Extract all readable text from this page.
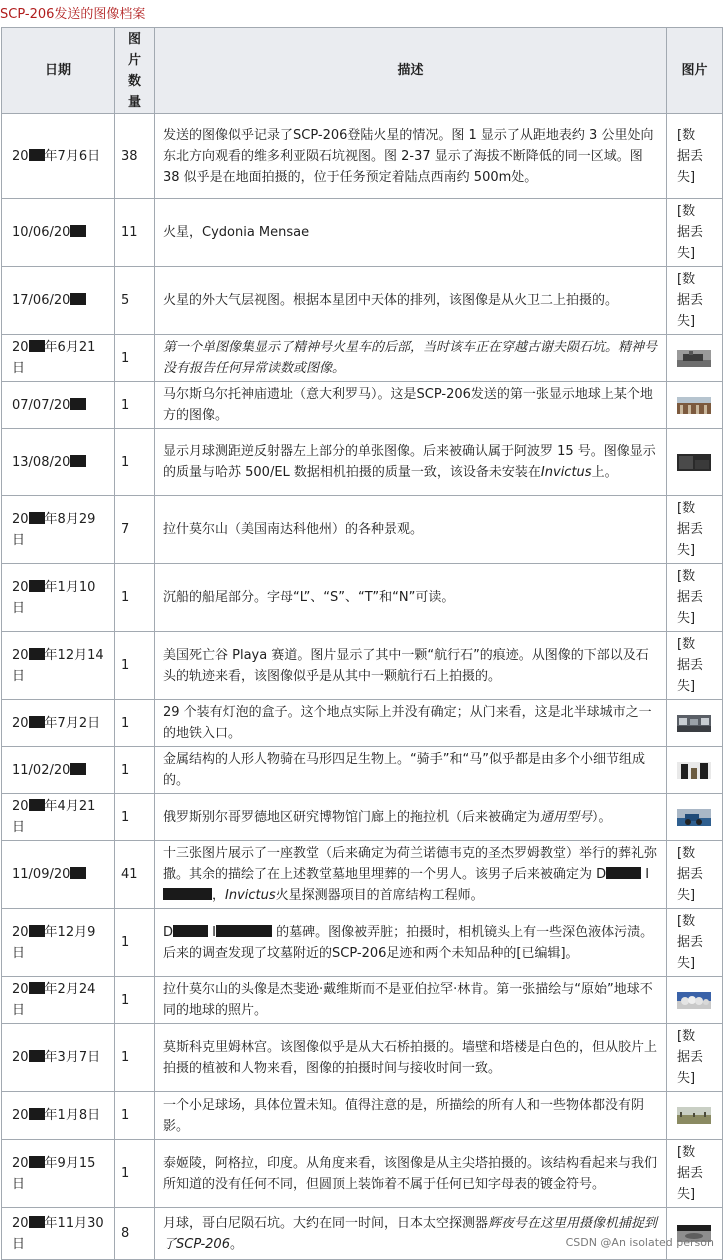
SCP-206发送的图像档案
日期	图片数量	描述	图片
20 年7月6日	38	发送的图像似乎记录了SCP-206登陆火星的情况。图 1 显示了从距地表约 3 公里处向东北方向观看的维多利亚陨石坑视图。图 2-37 显示了海拔不断降低的同一区域。图 38 似乎是在地面拍摄的，位于任务预定着陆点西南约 500m处。	[数据丢失]

10/06/20	11	火星，Cydonia Mensae	[数据丢失]

17/06/20	5	火星的外大气层视图。根据本星团中天体的排列，该图像是从火卫二上拍摄的。	[数据丢失]

20 年6月21日	1	第一个单图像集显示了精神号火星车的后部，当时该车正在穿越古谢夫陨石坑。精神号没有报告任何异常读数或图像。	

07/07/20	1	马尔斯乌尔托神庙遗址（意大利罗马）。这是SCP-206发送的第一张显示地球上某个地方的图像。	

13/08/20	1	显示月球测距逆反射器左上部分的单张图像。后来被确认属于阿波罗 15 号。图像显示的质量与哈苏 500/EL 数据相机拍摄的质量一致，该设备未安装在Invictus上。	

20 年8月29日	7	拉什莫尔山（美国南达科他州）的各种景观。	[数据丢失]

20 年1月10日	1	沉船的船尾部分。字母“L”、“S”、“T”和“N”可读。	[数据丢失]

20 年12月14日	1	美国死亡谷 Playa 赛道。图片显示了其中一颗“航行石”的痕迹。从图像的下部以及石头的轨迹来看，该图像似乎是从其中一颗航行石上拍摄的。	[数据丢失]

20 年7月2日	1	29 个装有灯泡的盒子。这个地点实际上并没有确定；从门来看，这是北半球城市之一的地铁入口。	

11/02/20	1	金属结构的人形人物骑在马形四足生物上。“骑手”和“马”似乎都是由多个小细节组成的。	

20 年4月21日	1	俄罗斯别尔哥罗德地区研究博物馆门廊上的拖拉机（后来被确定为通用型号）。	

11/09/20	41	十三张图片展示了一座教堂（后来确定为荷兰诺德韦克的圣杰罗姆教堂）举行的葬礼弥撒。其余的描绘了在上述教堂墓地里埋葬的一个男人。该男子后来被确定为 D I，Invictus火星探测器项目的首席结构工程师。	[数据丢失]

20 年12月9日	1	D I 的墓碑。图像被弄脏；拍摄时，相机镜头上有一些深色液体污渍。后来的调查发现了坟墓附近的SCP-206足迹和两个未知品种的[已编辑]。	[数据丢失]

20 年2月24日	1	拉什莫尔山的头像是杰斐逊·戴维斯而不是亚伯拉罕·林肯。第一张描绘与“原始”地球不同的地球的照片。	

20 年3月7日	1	莫斯科克里姆林宫。该图像似乎是从大石桥拍摄的。墙壁和塔楼是白色的，但从胶片上拍摄的植被和人物来看，图像的拍摄时间与接收时间一致。	[数据丢失]

20 年1月8日	1	一个小足球场，具体位置未知。值得注意的是，所描绘的所有人和一些物体都没有阴影。	

20 年9月15日	1	泰姬陵，阿格拉，印度。从角度来看，该图像是从主尖塔拍摄的。该结构看起来与我们所知道的没有任何不同，但圆顶上装饰着不属于任何已知字母表的镀金符号。	[数据丢失]

20 年11月30日	8	月球，哥白尼陨石坑。大约在同一时间，日本太空探测器辉夜号在这里用摄像机捕捉到了SCP-206。		CSDN @An isolated person
